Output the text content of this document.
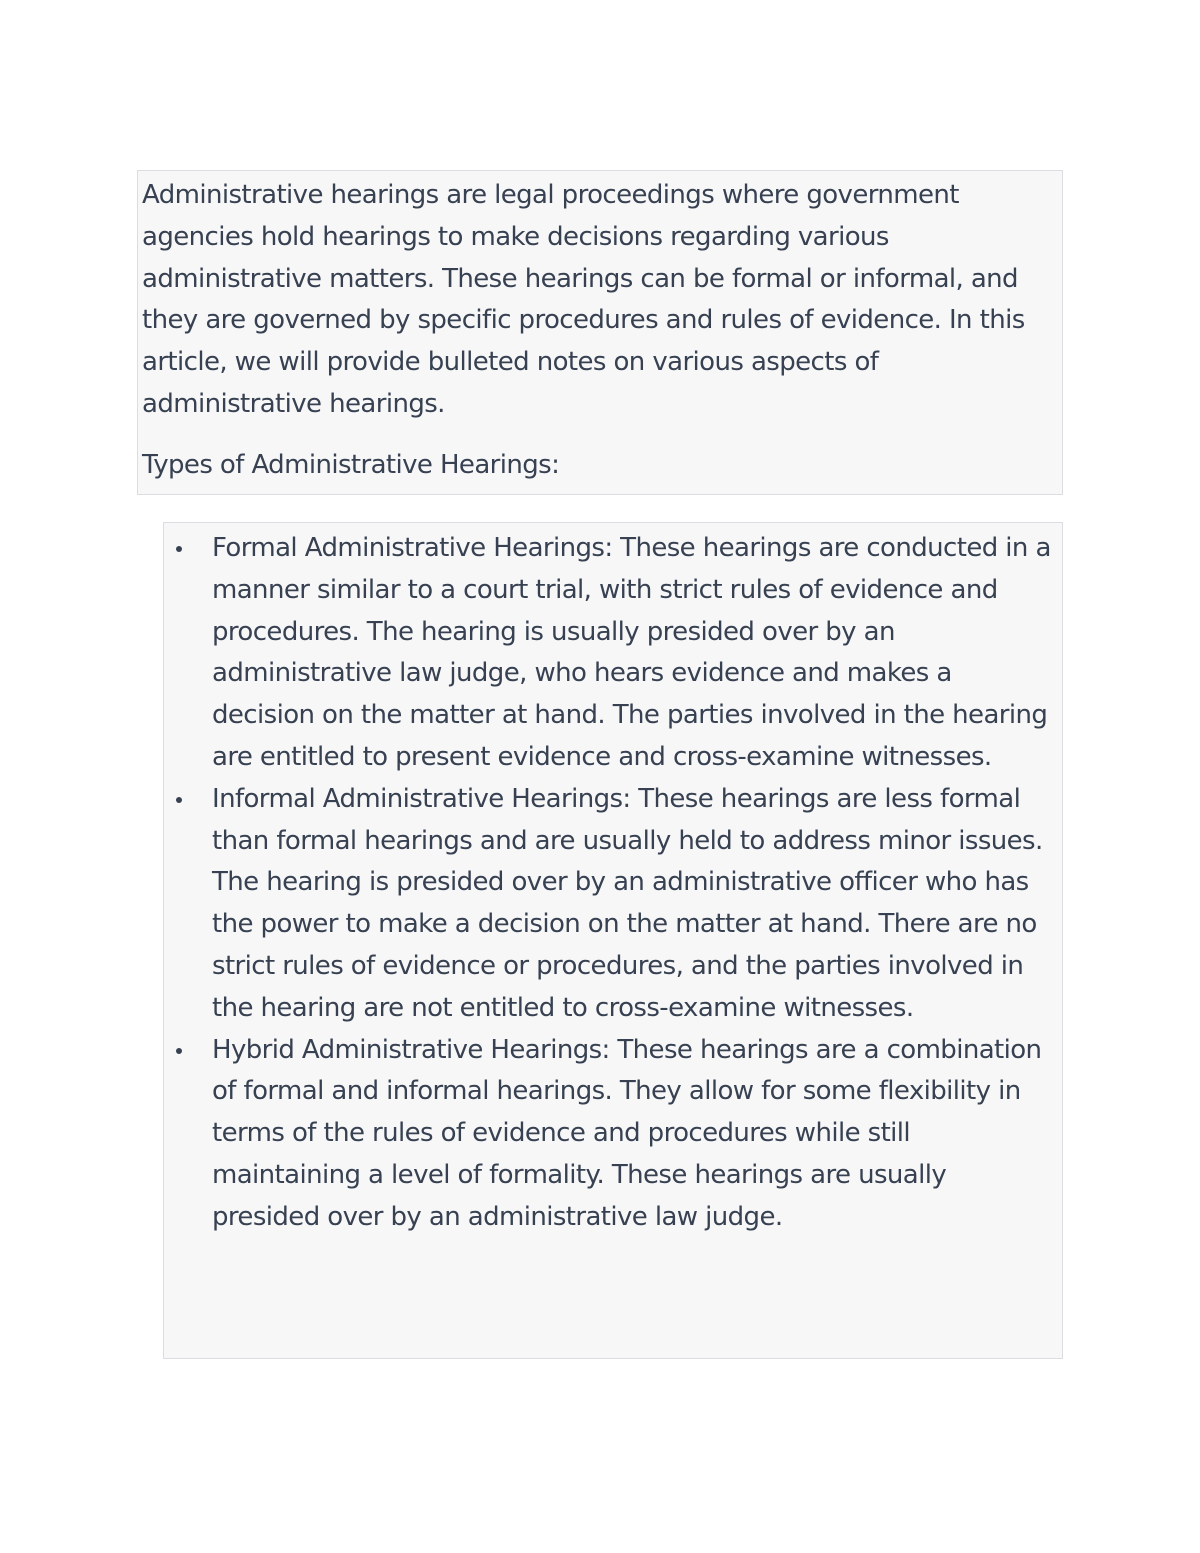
Administrative hearings are legal proceedings where government agencies hold hearings to make decisions regarding various administrative matters. These hearings can be formal or informal, and they are governed by specific procedures and rules of evidence. In this article, we will provide bulleted notes on various aspects of administrative hearings.

Types of Administrative Hearings:

Formal Administrative Hearings: These hearings are conducted in a manner similar to a court trial, with strict rules of evidence and procedures. The hearing is usually presided over by an administrative law judge, who hears evidence and makes a decision on the matter at hand. The parties involved in the hearing are entitled to present evidence and cross-examine witnesses.
Informal Administrative Hearings: These hearings are less formal than formal hearings and are usually held to address minor issues. The hearing is presided over by an administrative officer who has the power to make a decision on the matter at hand. There are no strict rules of evidence or procedures, and the parties involved in the hearing are not entitled to cross-examine witnesses.
Hybrid Administrative Hearings: These hearings are a combination of formal and informal hearings. They allow for some flexibility in terms of the rules of evidence and procedures while still maintaining a level of formality. These hearings are usually presided over by an administrative law judge.
